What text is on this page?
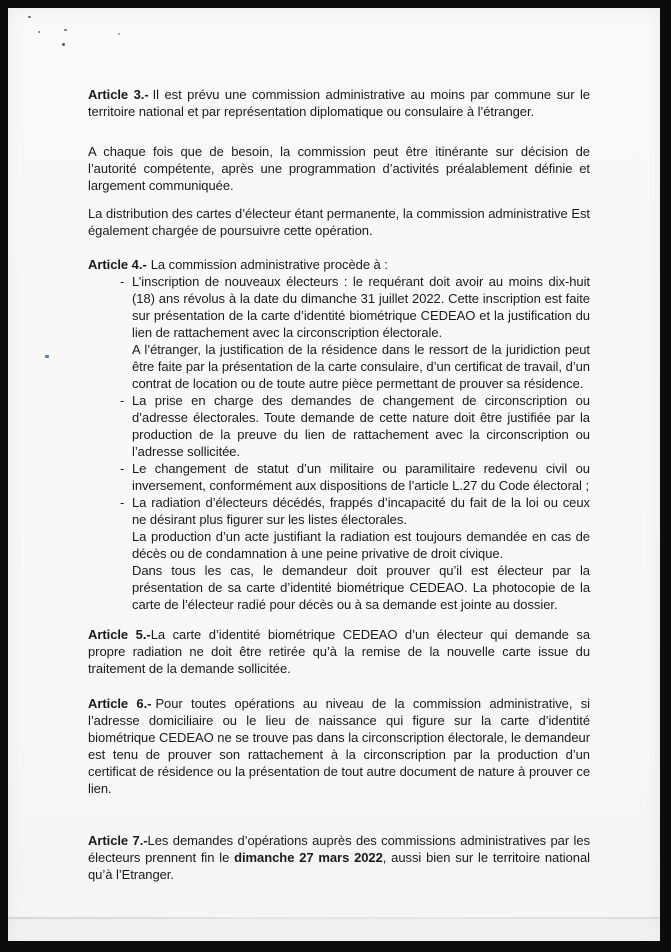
Article 3.- Il est prévu une commission administrative au moins par commune sur le territoire national et par représentation diplomatique ou consulaire à l’étranger.

A chaque fois que de besoin, la commission peut être itinérante sur décision de l’autorité compétente, après une programmation d’activités préalablement définie et largement communiquée.

La distribution des cartes d’électeur étant permanente, la commission administrative Est également chargée de poursuivre cette opération.

Article 4.- La commission administrative procède à :

- L’inscription de nouveaux électeurs : le requérant doit avoir au moins dix-huit (18) ans révolus à la date du dimanche 31 juillet 2022. Cette inscription est faite sur présentation de la carte d’identité biométrique CEDEAO et la justification du lien de rattachement avec la circonscription électorale.

A l’étranger, la justification de la résidence dans le ressort de la juridiction peut être faite par la présentation de la carte consulaire, d’un certificat de travail, d’un contrat de location ou de toute autre pièce permettant de prouver sa résidence.

- La prise en charge des demandes de changement de circonscription ou d’adresse électorales. Toute demande de cette nature doit être justifiée par la production de la preuve du lien de rattachement avec la circonscription ou l’adresse sollicitée.

- Le changement de statut d’un militaire ou paramilitaire redevenu civil ou inversement, conformément aux dispositions de l’article L.27 du Code électoral ;

- La radiation d’électeurs décédés, frappés d’incapacité du fait de la loi ou ceux ne désirant plus figurer sur les listes électorales.

La production d’un acte justifiant la radiation est toujours demandée en cas de décès ou de condamnation à une peine privative de droit civique.

Dans tous les cas, le demandeur doit prouver qu’il est électeur par la présentation de sa carte d’identité biométrique CEDEAO. La photocopie de la carte de l’électeur radié pour décès ou à sa demande est jointe au dossier.

Article 5.-La carte d’identité biométrique CEDEAO d’un électeur qui demande sa propre radiation ne doit être retirée qu’à la remise de la nouvelle carte issue du traitement de la demande sollicitée.

Article 6.- Pour toutes opérations au niveau de la commission administrative, si l’adresse domiciliaire ou le lieu de naissance qui figure sur la carte d’identité biométrique CEDEAO ne se trouve pas dans la circonscription électorale, le demandeur est tenu de prouver son rattachement à la circonscription par la production d’un certificat de résidence ou la présentation de tout autre document de nature à prouver ce lien.

Article 7.-Les demandes d’opérations auprès des commissions administratives par les électeurs prennent fin le dimanche 27 mars 2022, aussi bien sur le territoire national qu’à l’Etranger.
